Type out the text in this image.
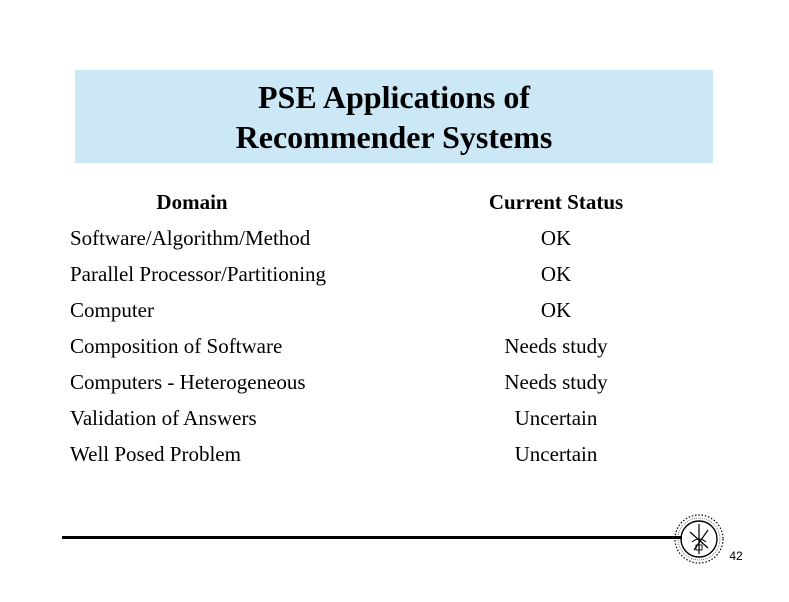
PSE Applications of
Recommender Systems
Domain	Current Status
Software/Algorithm/Method	OK
Parallel Processor/Partitioning	OK
Computer	OK
Composition of Software	Needs study
Computers - Heterogeneous	Needs study
Validation of Answers	Uncertain
Well Posed Problem	Uncertain
42
